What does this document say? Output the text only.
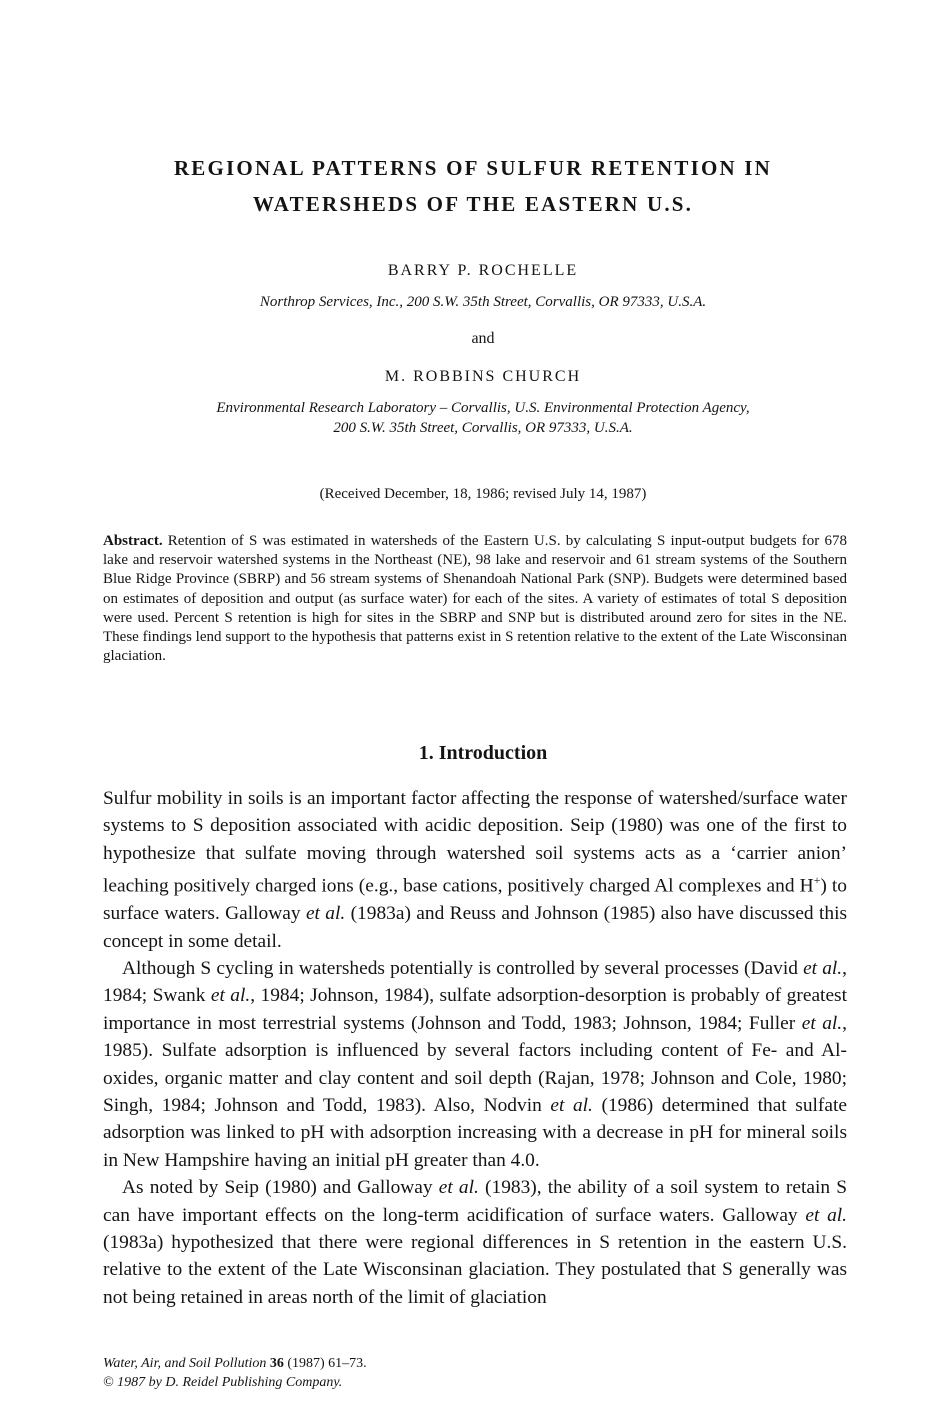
REGIONAL PATTERNS OF SULFUR RETENTION IN
WATERSHEDS OF THE EASTERN U.S.
BARRY P. ROCHELLE
Northrop Services, Inc., 200 S.W. 35th Street, Corvallis, OR 97333, U.S.A.
and
M. ROBBINS CHURCH
Environmental Research Laboratory – Corvallis, U.S. Environmental Protection Agency,
200 S.W. 35th Street, Corvallis, OR 97333, U.S.A.
(Received December, 18, 1986; revised July 14, 1987)

Abstract. Retention of S was estimated in watersheds of the Eastern U.S. by calculating S input-output budgets for 678 lake and reservoir watershed systems in the Northeast (NE), 98 lake and reservoir and 61 stream systems of the Southern Blue Ridge Province (SBRP) and 56 stream systems of Shenandoah National Park (SNP). Budgets were determined based on estimates of deposition and output (as surface water) for each of the sites. A variety of estimates of total S deposition were used. Percent S retention is high for sites in the SBRP and SNP but is distributed around zero for sites in the NE. These findings lend support to the hypothesis that patterns exist in S retention relative to the extent of the Late Wisconsinan glaciation.

1. Introduction

Sulfur mobility in soils is an important factor affecting the response of watershed/surface water systems to S deposition associated with acidic deposition. Seip (1980) was one of the first to hypothesize that sulfate moving through watershed soil systems acts as a ‘carrier anion’ leaching positively charged ions (e.g., base cations, positively charged Al complexes and H+) to surface waters. Galloway et al. (1983a) and Reuss and Johnson (1985) also have discussed this concept in some detail.

Although S cycling in watersheds potentially is controlled by several processes (David et al., 1984; Swank et al., 1984; Johnson, 1984), sulfate adsorption-desorption is probably of greatest importance in most terrestrial systems (Johnson and Todd, 1983; Johnson, 1984; Fuller et al., 1985). Sulfate adsorption is influenced by several factors including content of Fe- and Al-oxides, organic matter and clay content and soil depth (Rajan, 1978; Johnson and Cole, 1980; Singh, 1984; Johnson and Todd, 1983). Also, Nodvin et al. (1986) determined that sulfate adsorption was linked to pH with adsorption increasing with a decrease in pH for mineral soils in New Hampshire having an initial pH greater than 4.0.

As noted by Seip (1980) and Galloway et al. (1983), the ability of a soil system to retain S can have important effects on the long-term acidification of surface waters. Galloway et al. (1983a) hypothesized that there were regional differences in S retention in the eastern U.S. relative to the extent of the Late Wisconsinan glaciation. They postulated that S generally was not being retained in areas north of the limit of glaciation

Water, Air, and Soil Pollution 36 (1987) 61–73.
© 1987 by D. Reidel Publishing Company.
